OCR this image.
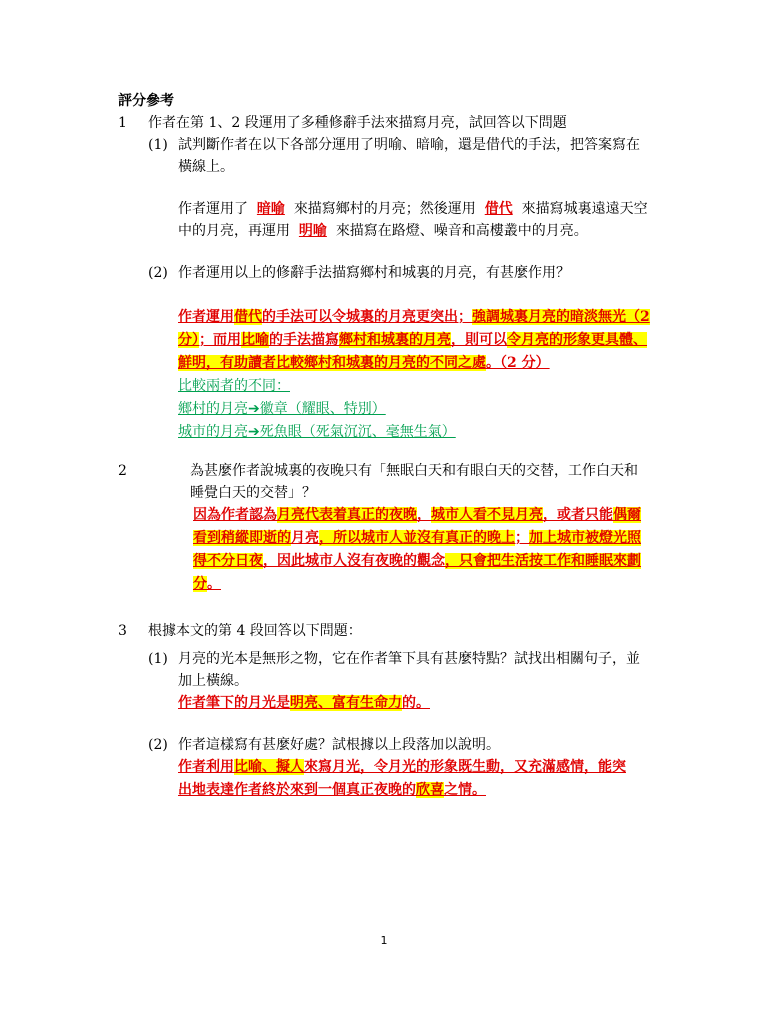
評分參考
1 作者在第 1、2 段運用了多種修辭手法來描寫月亮，試回答以下問題
(1) 試判斷作者在以下各部分運用了明喻、暗喻，還是借代的手法，把答案寫在
橫線上。
作者運用了 暗喻 來描寫鄉村的月亮；然後運用 借代 來描寫城裏遠遠天空
中的月亮，再運用 明喻 來描寫在路燈、噪音和高樓叢中的月亮。
(2) 作者運用以上的修辭手法描寫鄉村和城裏的月亮，有甚麼作用？
作者運用借代的手法可以令城裏的月亮更突出；強調城裏月亮的暗淡無光（2
分）；而用比喻的手法描寫鄉村和城裏的月亮，則可以令月亮的形象更具體、
鮮明，有助讀者比較鄉村和城裏的月亮的不同之處。（2 分）
比較兩者的不同：
鄉村的月亮➔徽章（耀眼、特別）
城市的月亮➔死魚眼（死氣沉沉、毫無生氣）
2	為甚麼作者說城裏的夜晚只有「無眠白天和有眼白天的交替，工作白天和
睡覺白天的交替」？
因為作者認為月亮代表着真正的夜晚，城市人看不見月亮，或者只能偶爾
看到稍縱即逝的月亮，所以城市人並沒有真正的晚上；加上城市被燈光照
得不分日夜，因此城市人沒有夜晚的觀念，只會把生活按工作和睡眠來劃
分。
3 根據本文的第 4 段回答以下問題：
(1) 月亮的光本是無形之物，它在作者筆下具有甚麼特點？試找出相關句子，並
加上橫線。
作者筆下的月光是明亮、富有生命力的。
(2) 作者這樣寫有甚麼好處？試根據以上段落加以說明。
作者利用比喻、擬人來寫月光，令月光的形象既生動，又充滿感情，能突
出地表達作者終於來到一個真正夜晚的欣喜之情。
1
